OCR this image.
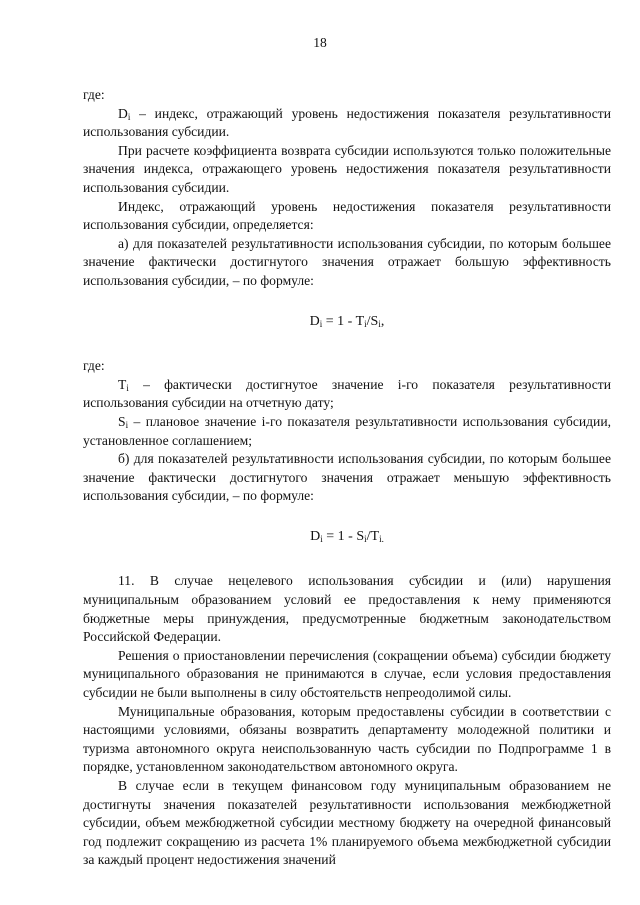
18

где:

$D_i$ – индекс, отражающий уровень недостижения показателя результативности использования субсидии.

При расчете коэффициента возврата субсидии используются только положительные значения индекса, отражающего уровень недостижения показателя результативности использования субсидии.

Индекс, отражающий уровень недостижения показателя результативности использования субсидии, определяется:

а) для показателей результативности использования субсидии, по которым большее значение фактически достигнутого значения отражает большую эффективность использования субсидии, – по формуле:

$D_i = 1 - T_i/S_i$,

где:

$T_i$ – фактически достигнутое значение i-го показателя результативности использования субсидии на отчетную дату;

$S_i$ – плановое значение i-го показателя результативности использования субсидии, установленное соглашением;

б) для показателей результативности использования субсидии, по которым большее значение фактически достигнутого значения отражает меньшую эффективность использования субсидии, – по формуле:

$D_i = 1 - S_i/T_{i.}$

11. В случае нецелевого использования субсидии и (или) нарушения муниципальным образованием условий ее предоставления к нему применяются бюджетные меры принуждения, предусмотренные бюджетным законодательством Российской Федерации.

Решения о приостановлении перечисления (сокращении объема) субсидии бюджету муниципального образования не принимаются в случае, если условия предоставления субсидии не были выполнены в силу обстоятельств непреодолимой силы.

Муниципальные образования, которым предоставлены субсидии в соответствии с настоящими условиями, обязаны возвратить департаменту молодежной политики и туризма автономного округа неиспользованную часть субсидии по Подпрограмме 1 в порядке, установленном законодательством автономного округа.

В случае если в текущем финансовом году муниципальным образованием не достигнуты значения показателей результативности использования межбюджетной субсидии, объем межбюджетной субсидии местному бюджету на очередной финансовый год подлежит сокращению из расчета 1% планируемого объема межбюджетной субсидии за каждый процент недостижения значений
